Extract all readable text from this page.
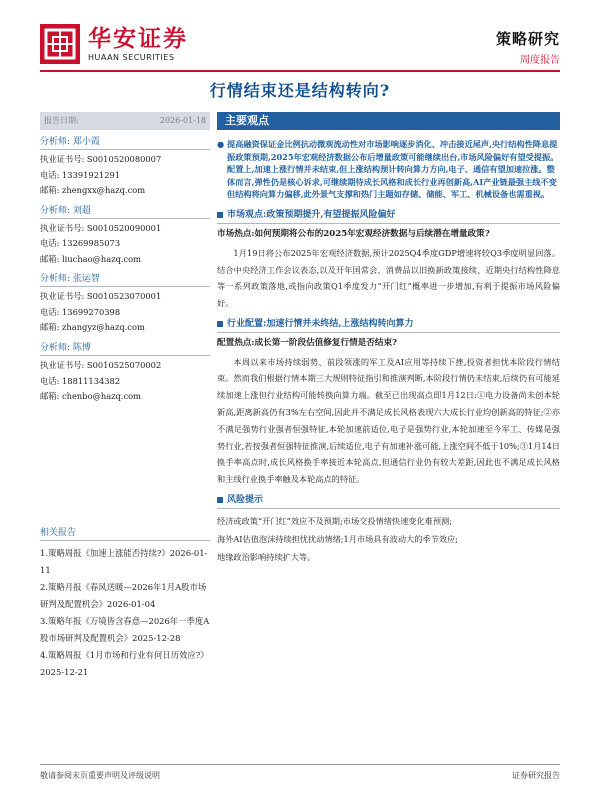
华安证券
HUAAN SECURITIES
策略研究
周度报告
行情结束还是结构转向?
报告日期:	2026-01-18
分析师:
郑小霞
执业证书号: S0010520080007
电话: 13391921291
邮箱: zhengxx@hazq.com
分析师:
刘超
执业证书号: S0010520090001
电话: 13269985073
邮箱: liuchao@hazq.com
分析师:
张运智
执业证书号: S0010523070001
电话: 13699270398
邮箱: zhangyz@hazq.com
分析师:
陈博
执业证书号: S0010525070002
电话: 18811134382
邮箱: chenbo@hazq.com
相关报告
1.策略周报《加速上涨能否持续?》2026-01-11
2.策略月报《春风送暖—2026年1月A股市场研判及配置机会》2026-01-04
3.策略年报《万境皆含春意—2026年一季度A股市场研判及配置机会》2025-12-28
4.策略周报《1月市场和行业有何日历效应?》2025-12-21
主要观点
● 提高融资保证金比例抗动微观流动性对市场影响逐步消化、冲击接近尾声,央行结构性降息提振政策预期,2025年宏观经济数据公布后增量政策可能继续出台,市场风险偏好有望受提振。配置上,加速上涨行情并未结束,但上涨结构预计转向算力方向,电子、通信有望加速拉涨。整体而言,弹性仍是核心诉求,可继续期待成长风格和成长行业再创新高,AI产业链最强主线不变但结构将向算力偏移,此外景气支撑和热门主题如存储、储能、军工、机械设备也需重视。
市场观点:政策预期提升,有望提振风险偏好
市场热点:如何预期将公布的2025年宏观经济数据与后续潜在增量政策?
1月19日将公布2025年宏观经济数据,预计2025Q4季度GDP增速将较Q3季度明显回落。结合中央经济工作会议表态,以及开年国常会、消费品以旧换新政策接续、近期央行结构性降息等一系列政策落地,或指向政策Q1季度发力“开门红”概率进一步增加,有利于提振市场风险偏好。
行业配置:加速行情并未终结,上涨结构转向算力
配置热点:成长第一阶段估值修复行情是否结束?
本周以来市场持续弱势、前段领涨的军工及AI应用等持续下挫,投资者担忧本阶段行情结束。然而我们根据行情本期三大规则特征指引和推演判断,本阶段行情仍未结束,后续仍有可能延续加速上涨但行业结构可能转换向算力端。截至已出现高点即1月12日:①电力设备尚未创本轮新高,距离新高仍有3%左右空间,因此并不满足成长风格表现六大成长行业均创新高的特征;②亦不满足强势行业强者恒强特征,本轮加速前适位,电子是强势行业,本轮加速至今军工、传媒是强势行业,若按强者恒强特征推演,后续适位,电子有加速补涨可能,上涨空间不低于10%;③1月14日换手率高点时,成长风格换手率接近本轮高点,但通信行业仍有较大差距,因此也不满足成长风格和主线行业换手率触及本轮高点的特征。
风险提示
经济或政策“开门红”效应不及预期;市场交投情绪快速变化难预测;
海外AI估值泡沫持续担忧扰动情绪;1月市场具有波动大的季节效应;
地缘政治影响持续扩大等。
敬请参阅末页重要声明及评级说明	证券研究报告
